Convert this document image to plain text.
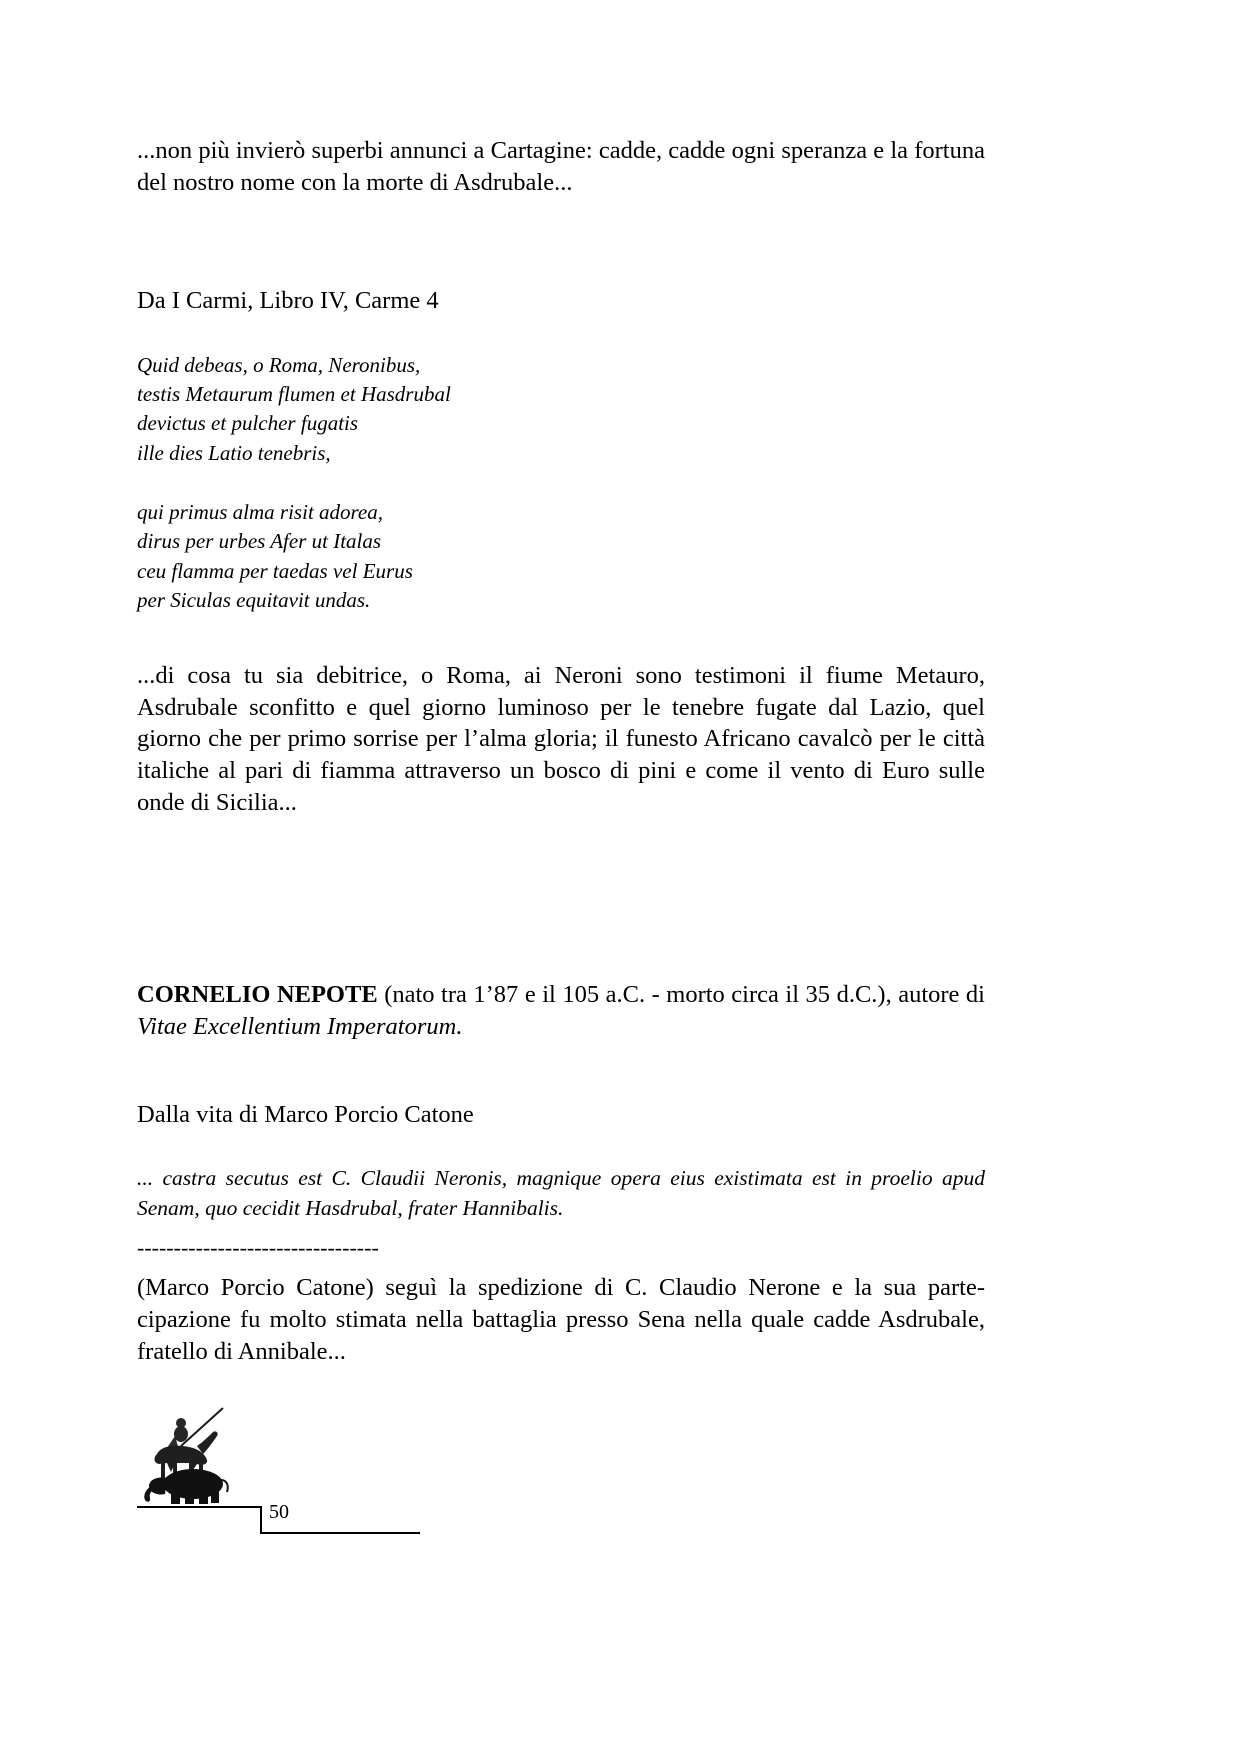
...non più invierò superbi annunci a Cartagine: cadde, cadde ogni speranza e la fortuna del nostro nome con la morte di Asdrubale...

Da I Carmi, Libro IV, Carme 4

Quid debeas, o Roma, Neronibus,
testis Metaurum flumen et Hasdrubal
devictus et pulcher fugatis
ille dies Latio tenebris,
qui primus alma risit adorea,
dirus per urbes Afer ut Italas
ceu flamma per taedas vel Eurus
per Siculas equitavit undas.

...di cosa tu sia debitrice, o Roma, ai Neroni sono testimoni il fiume Metauro, Asdrubale sconfitto e quel giorno luminoso per le tenebre fugate dal Lazio, quel giorno che per primo sorrise per l’alma gloria; il funesto Africano cavalcò per le città italiche al pari di fiamma attraverso un bosco di pini e come il vento di Euro sulle onde di Sicilia...

CORNELIO NEPOTE (nato tra 1’87 e il 105 a.C. - morto circa il 35 d.C.), autore di Vitae Excellentium Imperatorum.

Dalla vita di Marco Porcio Catone

... castra secutus est C. Claudii Neronis, magnique opera eius existimata est in proelio apud Senam, quo cecidit Hasdrubal, frater Hannibalis.

---------------------------------

(Marco Porcio Catone) seguì la spedizione di C. Claudio Nerone e la sua parte-cipazione fu molto stimata nella battaglia presso Sena nella quale cadde Asdrubale, fratello di Annibale...

50
